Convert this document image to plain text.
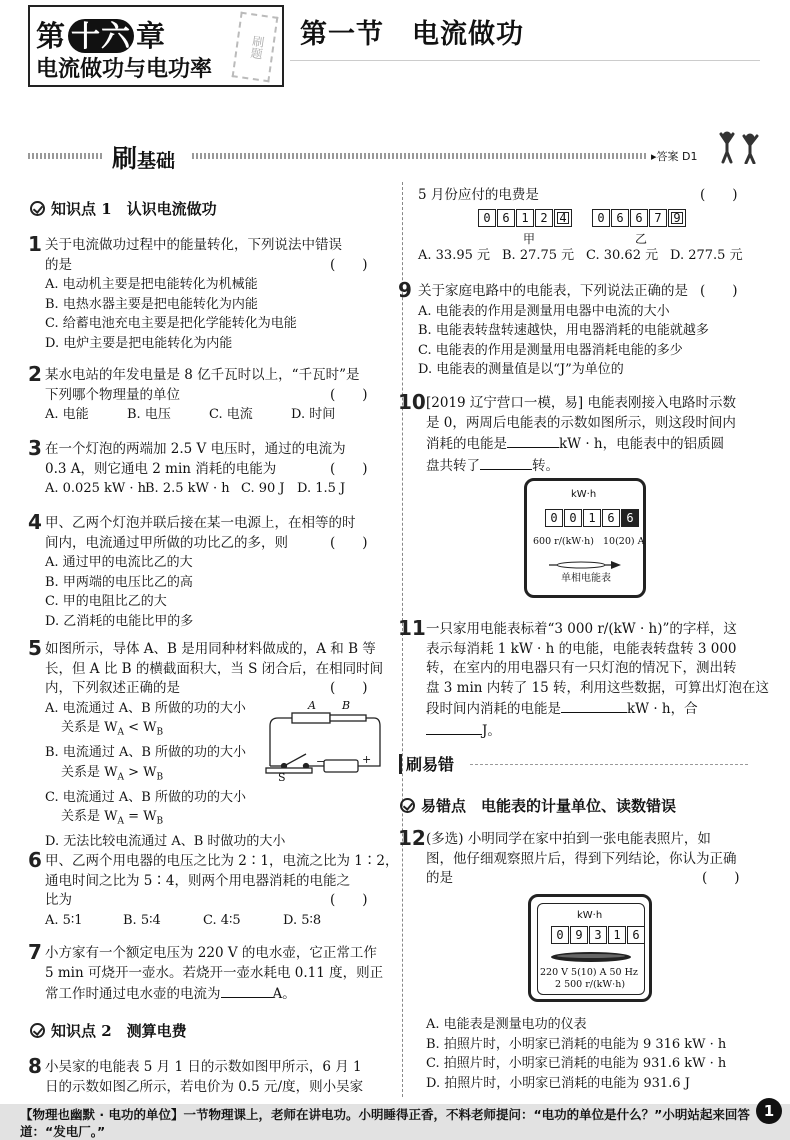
第 十六 章
电流做功与电功率
刷题	第一节　电流做功
刷基础	▸答案 D1
知识点 1　认识电流做功
1 关于电流做功过程中的能量转化，下列说法中错误
的是	(　　)
A. 电动机主要是把电能转化为机械能
B. 电热水器主要是把电能转化为内能
C. 给蓄电池充电主要是把化学能转化为电能
D. 电炉主要是把电能转化为内能
2 某水电站的年发电量是 8 亿千瓦时以上，“千瓦时”是
下列哪个物理量的单位	(　　)
A. 电能	B. 电压	C. 电流	D. 时间
3 在一个灯泡的两端加 2.5 V 电压时，通过的电流为
0.3 A，则它通电 2 min 消耗的电能为	(　　)
A. 0.025 kW · h
B. 2.5 kW · h C. 90 J D. 1.5 J
4 甲、乙两个灯泡并联后接在某一电源上，在相等的时
间内，电流通过甲所做的功比乙的多，则	(　　)
A. 通过甲的电流比乙的大
B. 甲两端的电压比乙的高
C. 甲的电阻比乙的大
D. 乙消耗的电能比甲的多
5 如图所示，导体 A、B 是用同种材料做成的，A 和 B 等
长，但 A 比 B 的横截面积大，当 S 闭合后，在相同时间
内，下列叙述正确的是	(　　)
A. 电流通过 A、B 所做的功的大小
关系是 $W_A < W_B$
B. 电流通过 A、B 所做的功的大小
关系是 $W_A > W_B$
C. 电流通过 A、B 所做的功的大小
关系是 $W_A = W_B$
D. 无法比较电流通过 A、B 时做功的大小
A B
S
−	+
6 甲、乙两个用电器的电压之比为 2∶1，电流之比为 1∶2，
通电时间之比为 5∶4，则两个用电器消耗的电能之
比为	(　　)
A. 5∶1	B. 5∶4	C. 4∶5	D. 5∶8
7 小方家有一个额定电压为 220 V 的电水壶，它正常工作
5 min 可烧开一壶水。若烧开一壶水耗电 0.11 度，则正
常工作时通过电水壶的电流为	A。
知识点 2　测算电费
8 小吴家的电能表 5 月 1 日的示数如图甲所示，6 月 1
日的示数如图乙所示，若电价为 0.5 元/度，则小吴家
5 月份应付的电费是	(　　)
0 6 1 2 4	0 6 6 7 9
甲	乙
A. 33.95 元 B. 27.75 元 C. 30.62 元 D. 277.5 元
9 关于家庭电路中的电能表，下列说法正确的是 (　　)
A. 电能表的作用是测量用电器中电流的大小
B. 电能表转盘转速越快，用电器消耗的电能就越多
C. 电能表的作用是测量用电器消耗电能的多少
D. 电能表的测量值是以“J”为单位的
10 [2019 辽宁营口一模，易] 电能表刚接入电路时示数
是 0，两周后电能表的示数如图所示，则这段时间内
消耗的电能是	kW · h，电能表中的铝质圆
盘共转了	转。
kW·h
0 0 1 6 6
600 r/(kW·h) 10(20) A
单相电能表
11 一只家用电能表标着“3 000 r/(kW · h)”的字样，这
表示每消耗 1 kW · h 的电能，电能表转盘转 3 000
转，在室内的用电器只有一只灯泡的情况下，测出转
盘 3 min 内转了 15 转，利用这些数据，可算出灯泡在这
段时间内消耗的电能是	kW · h，合
J。
刷易错
易错点　电能表的计量单位、读数错误
12 (多选) 小明同学在家中拍到一张电能表照片，如
图，他仔细观察照片后，得到下列结论，你认为正确
的是	(　　)
kW·h
0 9 3 1 6
220 V 5(10) A 50 Hz
2 500 r/(kW·h)
A. 电能表是测量电功的仪表
B. 拍照片时，小明家已消耗的电能为 9 316 kW · h
C. 拍照片时，小明家已消耗的电能为 931.6 kW · h
D. 拍照片时，小明家已消耗的电能为 931.6 J
【物理也幽默 · 电功的单位】一节物理课上，老师在讲电功。小明睡得正香，不料老师提问：“电功的单位是什么？”小明站起来回答
道：“发电厂。”
1
